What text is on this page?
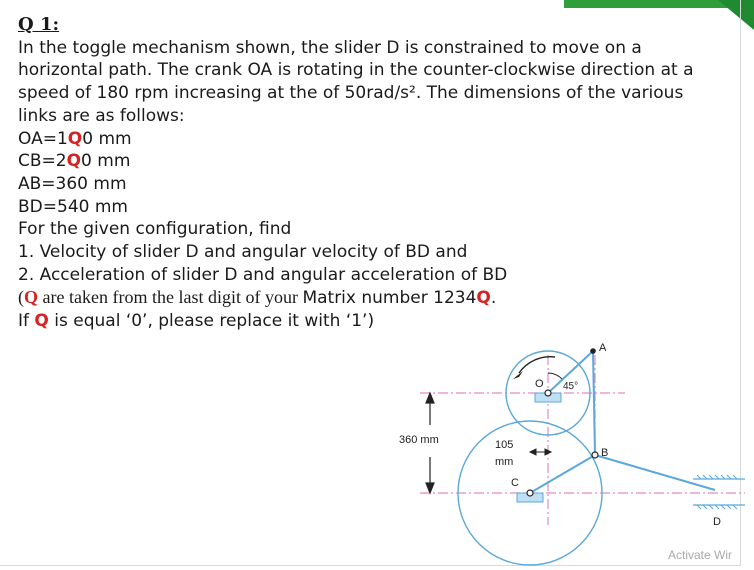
Q 1:
In the toggle mechanism shown, the slider D is constrained to move on a
horizontal path. The crank OA is rotating in the counter-clockwise direction at a
speed of 180 rpm increasing at the of 50rad/s². The dimensions of the various
links are as follows:
OA=1Q0 mm
CB=2Q0 mm
AB=360 mm
BD=540 mm
For the given configuration, find
1. Velocity of slider D and angular velocity of BD and
2. Acceleration of slider D and angular acceleration of BD
(Q are taken from the last digit of your Matrix number 1234Q.
If Q is equal ‘0’, please replace it with ‘1’)
A
O 45°
360 mm	105
mm
B
C
D
Activate Wir
